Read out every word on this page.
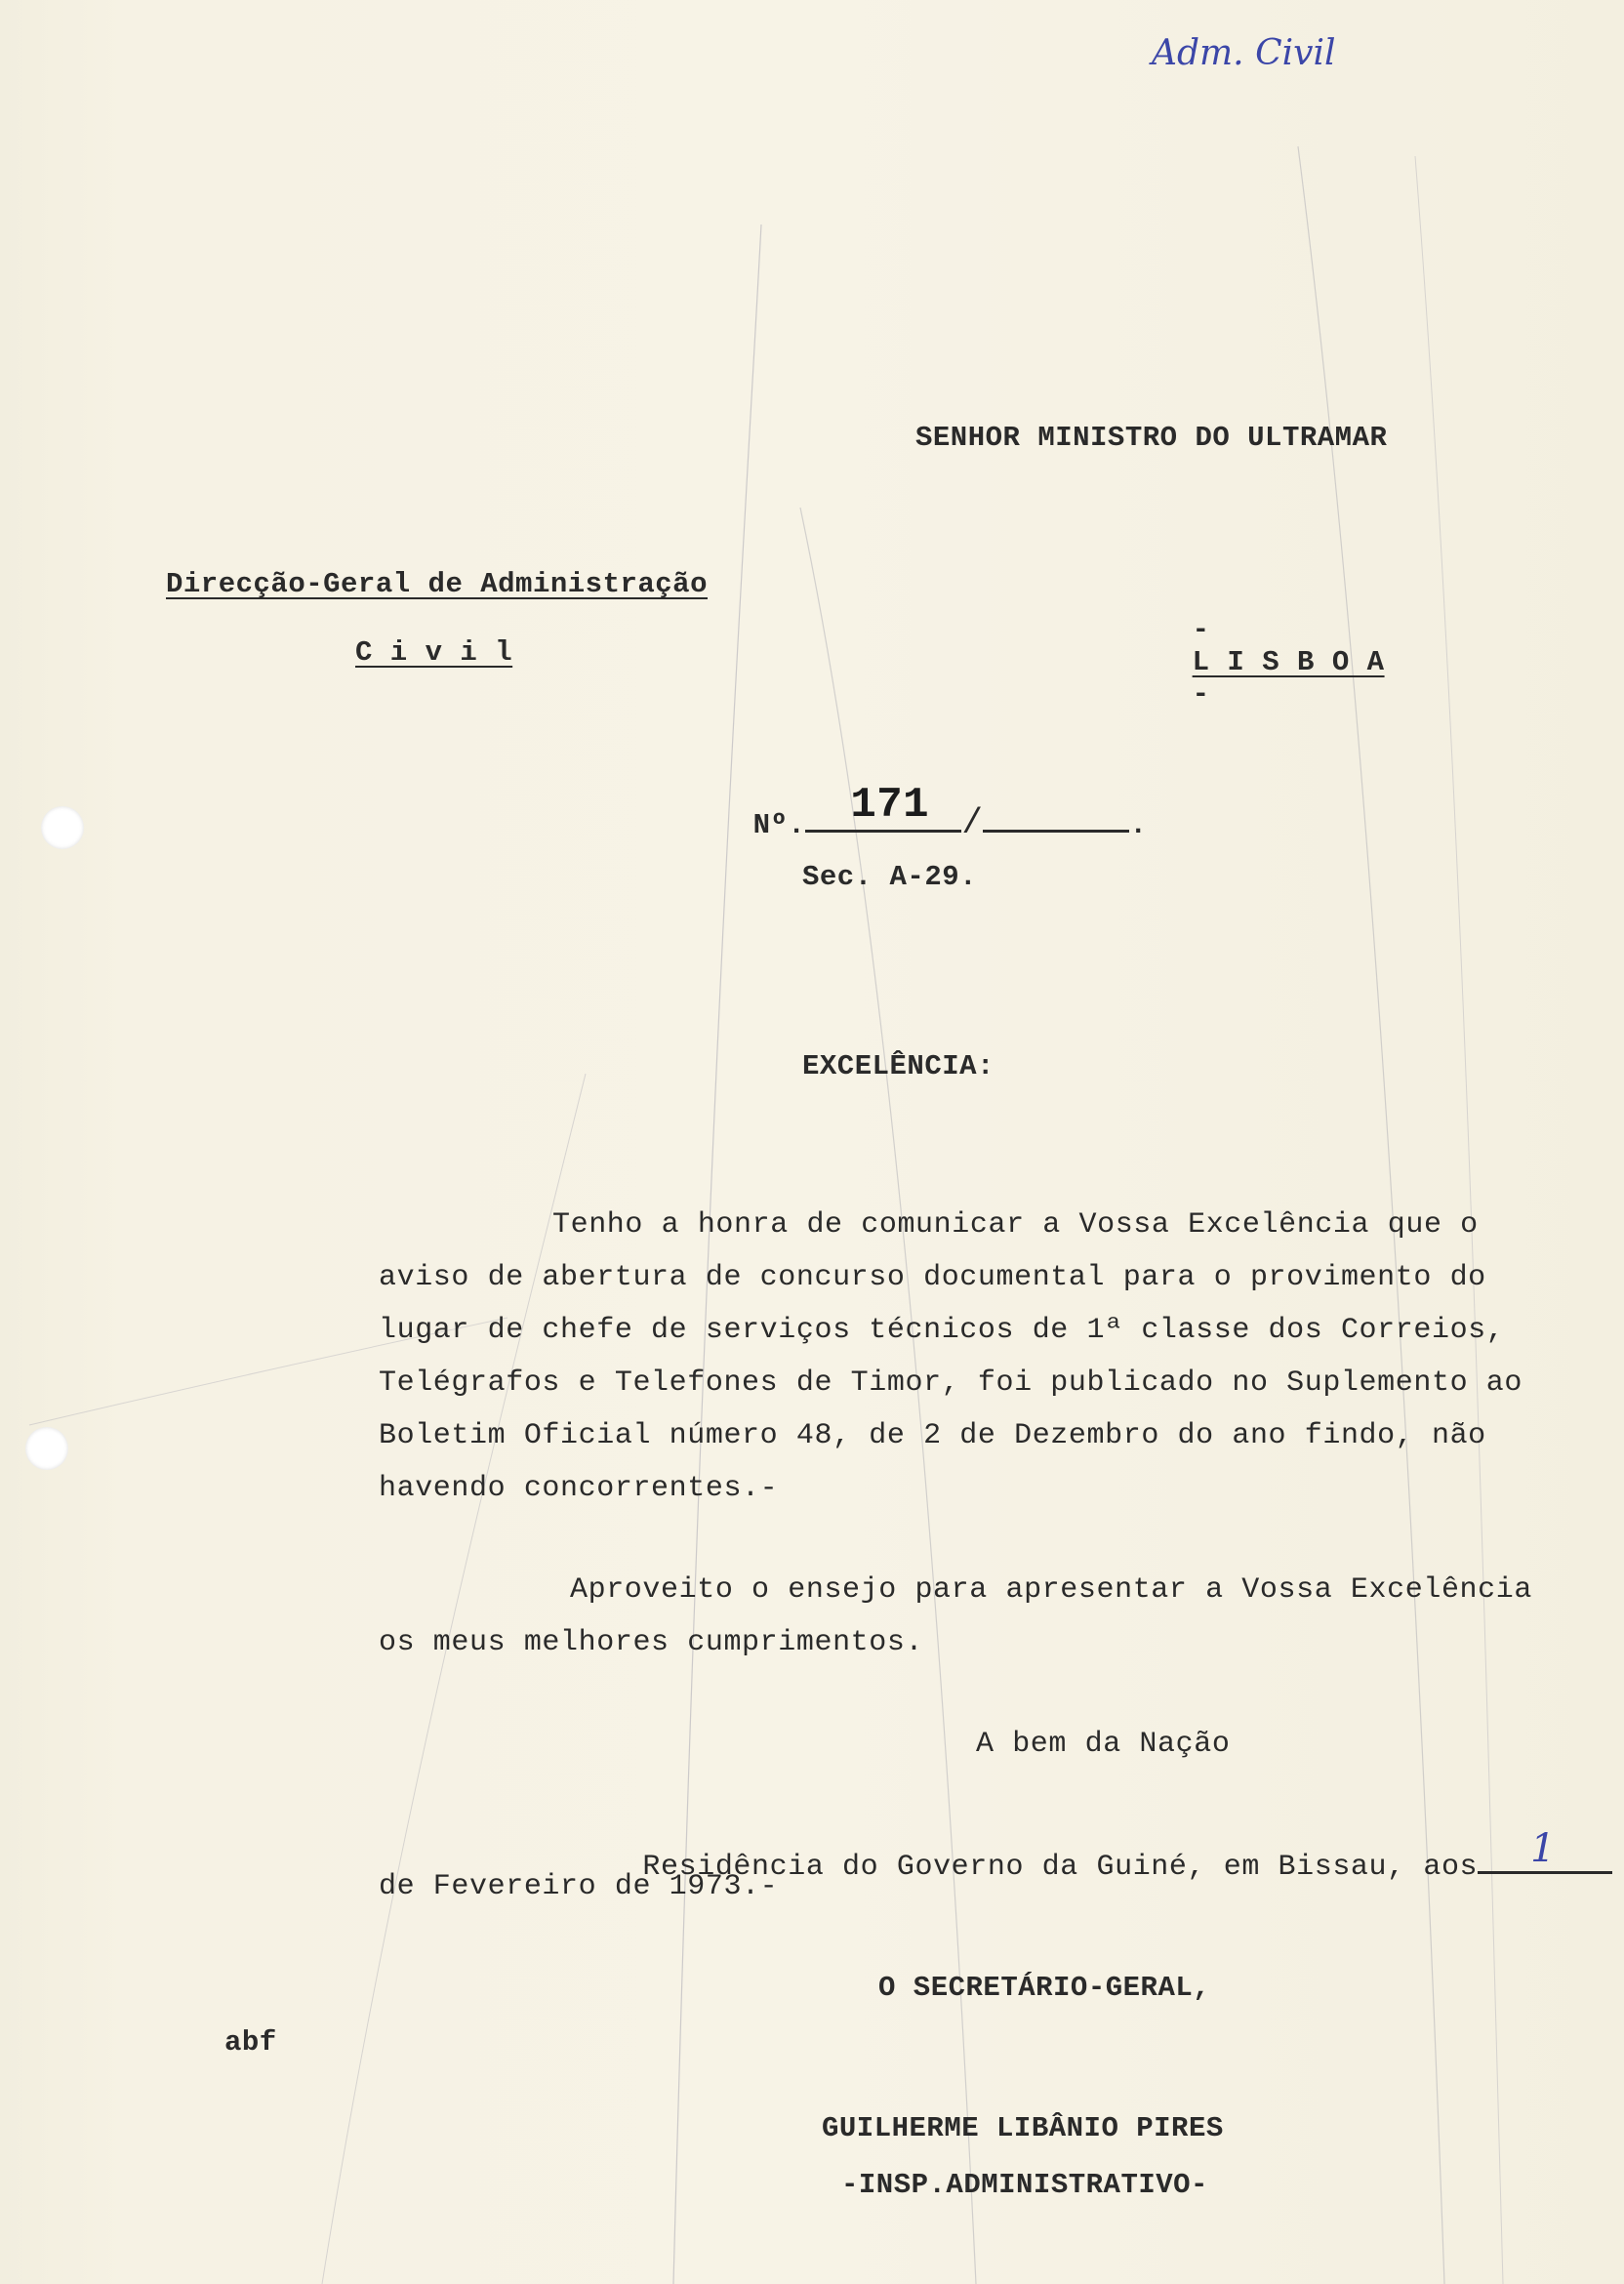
Adm. Civil
SENHOR MINISTRO DO ULTRAMAR
Direcção-Geral de Administração
C i v i l

-
L I S B O A
-

Nº. 171 /	.

Sec. A-29.
EXCELÊNCIA:
Tenho a honra de comunicar a Vossa Excelência que o
aviso de abertura de concurso documental para o provimento do
lugar de chefe de serviços técnicos de 1ª classe dos Correios,
Telégrafos e Telefones de Timor, foi publicado no Suplemento ao
Boletim Oficial número 48, de 2 de Dezembro do ano findo, não
havendo concorrentes.-
Aproveito o ensejo para apresentar a Vossa Excelência
os meus melhores cumprimentos.
A bem da Nação

Residência do Governo da Guiné, em Bissau, aos 1

de Fevereiro de 1973.-
O SECRETÁRIO-GERAL,
abf
GUILHERME LIBÂNIO PIRES
-INSP.ADMINISTRATIVO-
